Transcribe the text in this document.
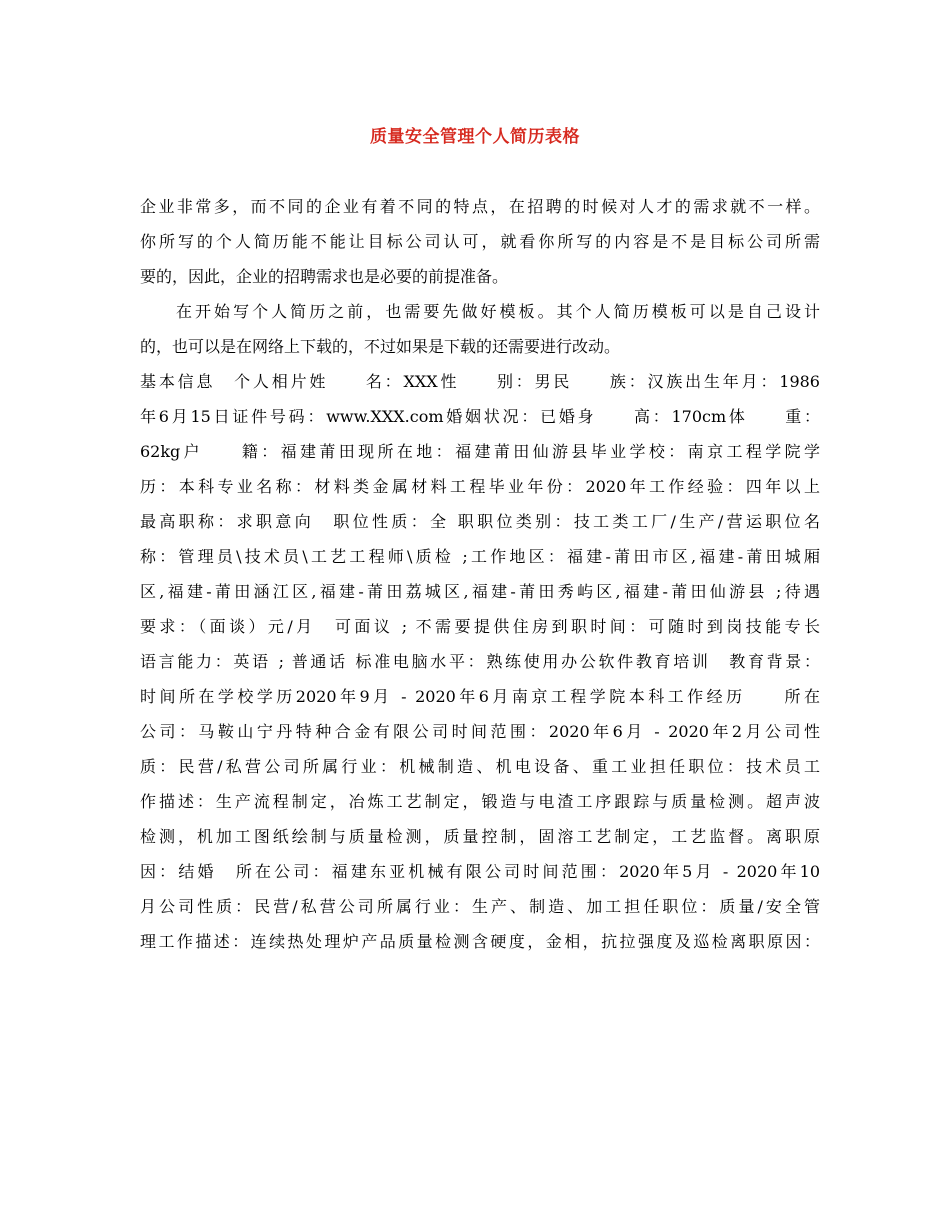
质量安全管理个人简历表格
企业非常多，而不同的企业有着不同的特点，在招聘的时候对人才的需求就不一样。
你所写的个人简历能不能让目标公司认可，就看你所写的内容是不是目标公司所需
要的，因此，企业的招聘需求也是必要的前提准备。
在开始写个人简历之前，也需要先做好模板。其个人简历模板可以是自己设计
的，也可以是在网络上下载的，不过如果是下载的还需要进行改动。
基本信息　个人相片姓　　名：XXX性　　别：男民　　族：汉族出生年月：1986
年6月15日证件号码：www.XXX.com婚姻状况：已婚身　　高：170cm体　　重：
62kg户　　籍：福建莆田现所在地：福建莆田仙游县毕业学校：南京工程学院学
历：本科专业名称：材料类金属材料工程毕业年份：2020年工作经验：四年以上
最高职称：求职意向　职位性质：全 职职位类别：技工类工厂/生产/营运职位名
称：管理员\技术员\工艺工程师\质检 ;工作地区：福建-莆田市区,福建-莆田城厢
区,福建-莆田涵江区,福建-莆田荔城区,福建-莆田秀屿区,福建-莆田仙游县 ;待遇
要求：（面谈）元/月　可面议 ; 不需要提供住房到职时间：可随时到岗技能专长
语言能力：英语 ; 普通话 标准电脑水平：熟练使用办公软件教育培训　教育背景：
时间所在学校学历2020年9月 - 2020年6月南京工程学院本科工作经历　　所在
公司：马鞍山宁丹特种合金有限公司时间范围：2020年6月 - 2020年2月公司性
质：民营/私营公司所属行业：机械制造、机电设备、重工业担任职位：技术员工
作描述：生产流程制定，冶炼工艺制定，锻造与电渣工序跟踪与质量检测。超声波
检测，机加工图纸绘制与质量检测，质量控制，固溶工艺制定，工艺监督。离职原
因：结婚　所在公司：福建东亚机械有限公司时间范围：2020年5月 - 2020年10
月公司性质：民营/私营公司所属行业：生产、制造、加工担任职位：质量/安全管
理工作描述：连续热处理炉产品质量检测含硬度，金相，抗拉强度及巡检离职原因：
